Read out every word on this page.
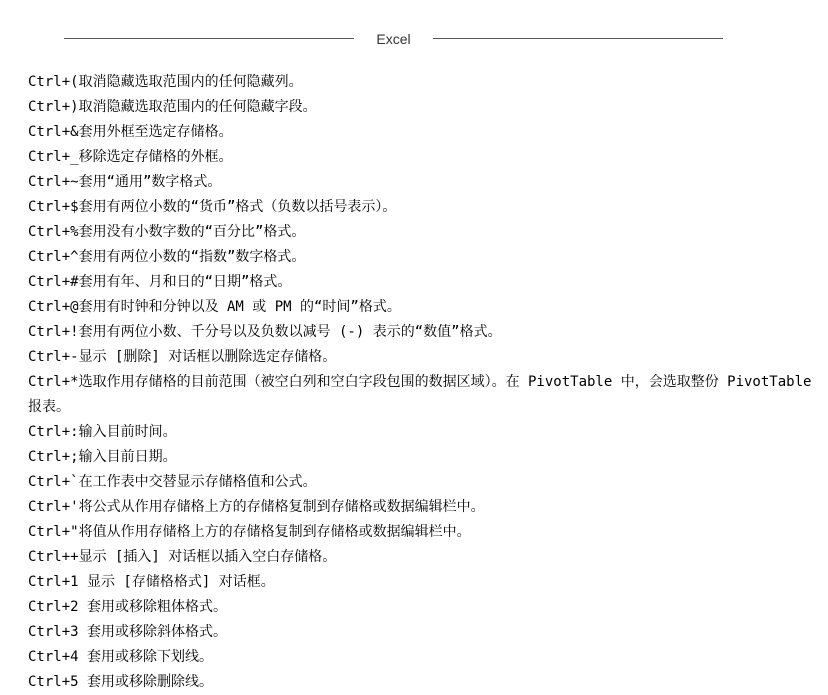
Excel
Ctrl+(取消隐藏选取范围内的任何隐藏列。
Ctrl+)取消隐藏选取范围内的任何隐藏字段。
Ctrl+&套用外框至选定存储格。
Ctrl+_移除选定存储格的外框。
Ctrl+~套用“通用”数字格式。
Ctrl+$套用有两位小数的“货币”格式（负数以括号表示）。
Ctrl+%套用没有小数字数的“百分比”格式。
Ctrl+^套用有两位小数的“指数”数字格式。
Ctrl+#套用有年、月和日的“日期”格式。
Ctrl+@套用有时钟和分钟以及 AM 或 PM 的“时间”格式。
Ctrl+!套用有两位小数、千分号以及负数以减号 (-) 表示的“数值”格式。
Ctrl+-显示 [删除] 对话框以删除选定存储格。
Ctrl+*选取作用存储格的目前范围（被空白列和空白字段包围的数据区域）。在 PivotTable 中，会选取整份 PivotTable 报表。
Ctrl+:输入目前时间。
Ctrl+;输入目前日期。
Ctrl+`在工作表中交替显示存储格值和公式。
Ctrl+'将公式从作用存储格上方的存储格复制到存储格或数据编辑栏中。
Ctrl+"将值从作用存储格上方的存储格复制到存储格或数据编辑栏中。
Ctrl++显示 [插入] 对话框以插入空白存储格。
Ctrl+1 显示 [存储格格式] 对话框。
Ctrl+2 套用或移除粗体格式。
Ctrl+3 套用或移除斜体格式。
Ctrl+4 套用或移除下划线。
Ctrl+5 套用或移除删除线。
